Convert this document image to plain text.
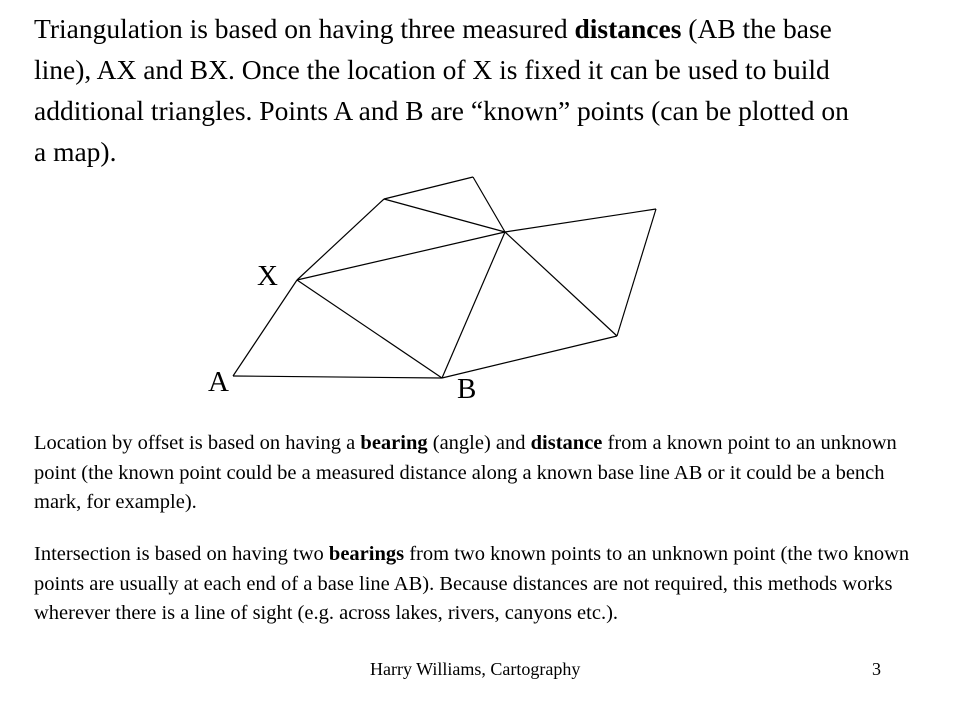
Triangulation is based on having three measured distances (AB the base line), AX and BX. Once the location of X is fixed it can be used to build additional triangles. Points A and B are “known” points (can be plotted on a map).

X
A	B

Location by offset is based on having a bearing (angle) and distance from a known point to an unknown point (the known point could be a measured distance along a known base line AB or it could be a bench mark, for example).

Intersection is based on having two bearings from two known points to an unknown point (the two known points are usually at each end of a base line AB). Because distances are not required, this methods works wherever there is a line of sight (e.g. across lakes, rivers, canyons etc.).

Harry Williams, Cartography	3
